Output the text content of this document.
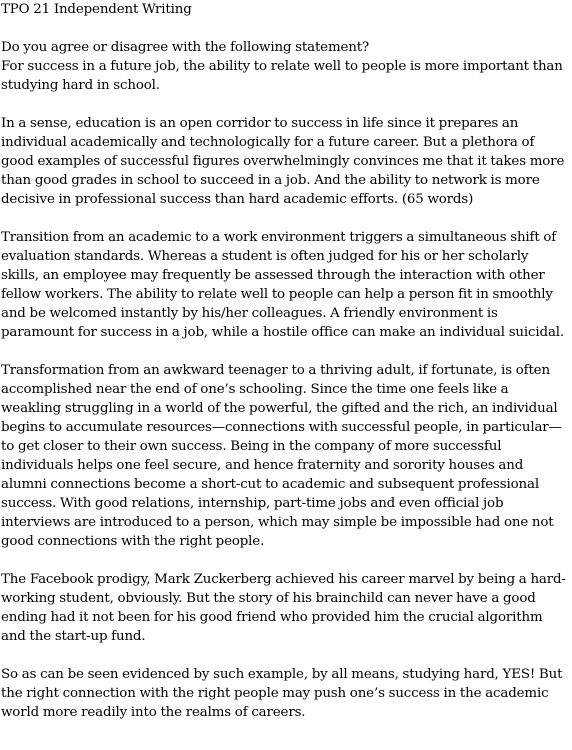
TPO 21 Independent Writing

Do you agree or disagree with the following statement?

For success in a future job, the ability to relate well to people is more important than studying hard in school.

In a sense, education is an open corridor to success in life since it prepares an individual academically and technologically for a future career. But a plethora of good examples of successful figures overwhelmingly convinces me that it takes more than good grades in school to succeed in a job. And the ability to network is more decisive in professional success than hard academic efforts. (65 words)

Transition from an academic to a work environment triggers a simultaneous shift of evaluation standards. Whereas a student is often judged for his or her scholarly skills, an employee may frequently be assessed through the interaction with other fellow workers. The ability to relate well to people can help a person fit in smoothly and be welcomed instantly by his/her colleagues. A friendly environment is paramount for success in a job, while a hostile office can make an individual suicidal.

Transformation from an awkward teenager to a thriving adult, if fortunate, is often accomplished near the end of one’s schooling. Since the time one feels like a weakling struggling in a world of the powerful, the gifted and the rich, an individual begins to accumulate resources—connections with successful people, in particular—to get closer to their own success. Being in the company of more successful individuals helps one feel secure, and hence fraternity and sorority houses and alumni connections become a short-cut to academic and subsequent professional success. With good relations, internship, part-time jobs and even official job interviews are introduced to a person, which may simple be impossible had one not good connections with the right people.

The Facebook prodigy, Mark Zuckerberg achieved his career marvel by being a hard-working student, obviously. But the story of his brainchild can never have a good ending had it not been for his good friend who provided him the crucial algorithm and the start-up fund.

So as can be seen evidenced by such example, by all means, studying hard, YES! But the right connection with the right people may push one’s success in the academic world more readily into the realms of careers.
